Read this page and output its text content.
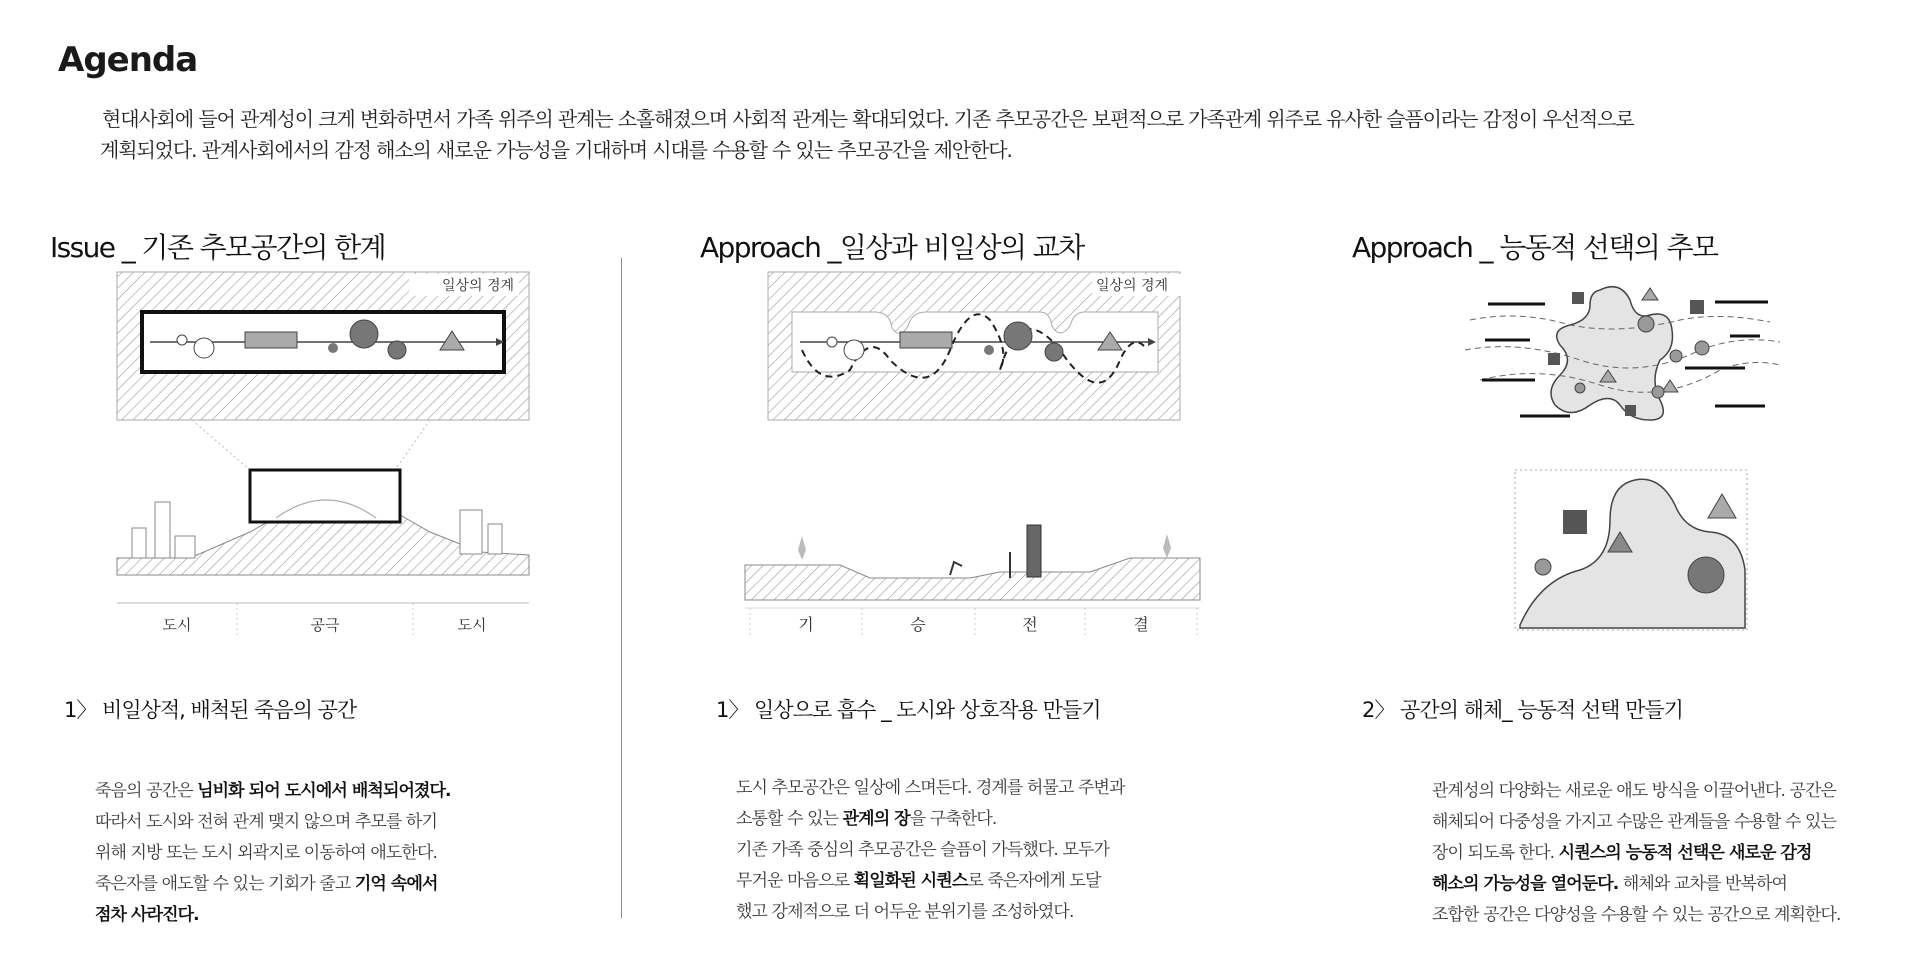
Agenda

현대사회에 들어 관계성이 크게 변화하면서 가족 위주의 관계는 소홀해졌으며 사회적 관계는 확대되었다. 기존 추모공간은 보편적으로 가족관계 위주로 유사한 슬픔이라는 감정이 우선적으로

계획되었다. 관계사회에서의 감정 해소의 새로운 가능성을 기대하며 시대를 수용할 수 있는 추모공간을 제안한다.

Issue _ 기존 추모공간의 한계	Approach _일상과 비일상의 교차	Approach _ 능동적 선택의 추모
일상의 경계
도시	공극	도시
일상의 경계
기	승	전	결
1〉 비일상적, 배척된 죽음의 공간	1〉 일상으로 흡수 _ 도시와 상호작용 만들기	2〉 공간의 해체_ 능동적 선택 만들기
죽음의 공간은 님비화 되어 도시에서 배척되어졌다.
따라서 도시와 전혀 관계 맺지 않으며 추모를 하기
위해 지방 또는 도시 외곽지로 이동하여 애도한다.
죽은자를 애도할 수 있는 기회가 줄고 기억 속에서
점차 사라진다.
도시 추모공간은 일상에 스며든다. 경계를 허물고 주변과
소통할 수 있는 관계의 장을 구축한다.
기존 가족 중심의 추모공간은 슬픔이 가득했다. 모두가
무거운 마음으로 획일화된 시퀀스로 죽은자에게 도달
했고 강제적으로 더 어두운 분위기를 조성하였다.
관계성의 다양화는 새로운 애도 방식을 이끌어낸다. 공간은
해체되어 다중성을 가지고 수많은 관계들을 수용할 수 있는
장이 되도록 한다. 시퀀스의 능동적 선택은 새로운 감정
해소의 가능성을 열어둔다. 해체와 교차를 반복하여
조합한 공간은 다양성을 수용할 수 있는 공간으로 계획한다.
